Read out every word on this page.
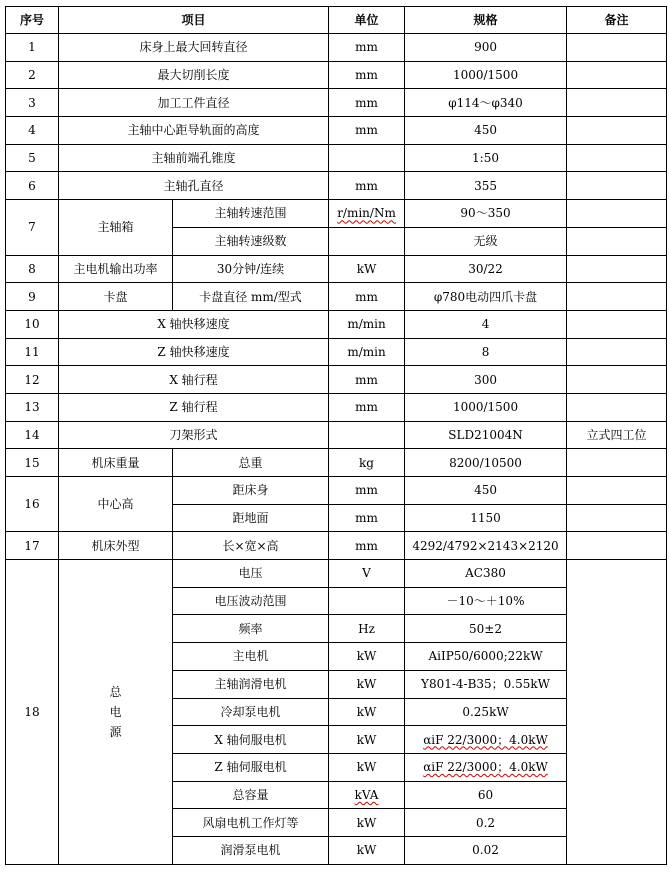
序号	项目		单位	规格	备注
1	床身上最大回转直径		mm	900	
2	最大切削长度		mm	1000/1500	
3	加工工件直径		mm	φ114～φ340	
4	主轴中心距导轨面的高度		mm	450	
5	主轴前端孔锥度			1:50	
6	主轴孔直径		mm	355	
7	主轴箱	主轴转速范围	r/min/Nm	90～350	
		主轴转速级数		无级	
8	主电机输出功率	30分钟/连续	kW	30/22	
9	卡盘	卡盘直径 mm/型式	mm	φ780电动四爪卡盘	
10	X 轴快移速度		m/min	4	
11	Z 轴快移速度		m/min	8	
12	X 轴行程		mm	300	
13	Z 轴行程		mm	1000/1500	
14	刀架形式			SLD21004N	立式四工位
15	机床重量	总重	kg	8200/10500	
16	中心高	距床身	mm	450	
		距地面	mm	1150	
17	机床外型	长×宽×高	mm	4292/4792×2143×2120	
18	总电源	电压	V	AC380	
		电压波动范围		－10～＋10%	
		频率	Hz	50±2	
		主电机	kW	AiIP50/6000;22kW	
		主轴润滑电机	kW	Y801-4-B35；0.55kW	
		冷却泵电机	kW	0.25kW	
		X 轴伺服电机	kW	αiF 22/3000；4.0kW	
		Z 轴伺服电机	kW	αiF 22/3000；4.0kW	
		总容量	kVA	60	
		风扇电机工作灯等	kW	0.2	
		润滑泵电机	kW	0.02	
